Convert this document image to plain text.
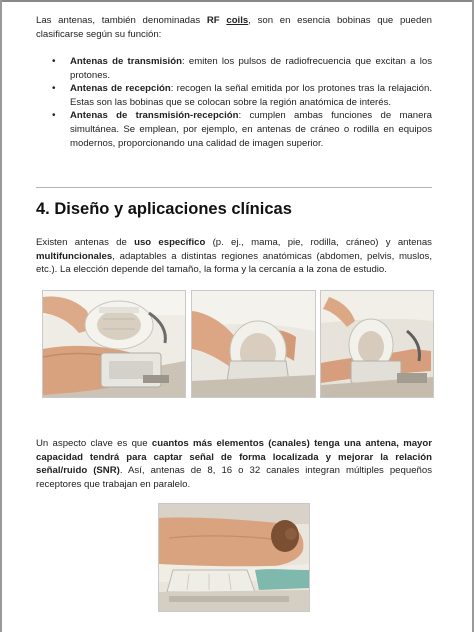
Las antenas, también denominadas RF coils, son en esencia bobinas que pueden clasificarse según su función:

• Antenas de transmisión: emiten los pulsos de radiofrecuencia que excitan a los protones.
• Antenas de recepción: recogen la señal emitida por los protones tras la relajación. Estas son las bobinas que se colocan sobre la región anatómica de interés.
• Antenas de transmisión-recepción: cumplen ambas funciones de manera simultánea. Se emplean, por ejemplo, en antenas de cráneo o rodilla en equipos modernos, proporcionando una calidad de imagen superior.
4. Diseño y aplicaciones clínicas

Existen antenas de uso específico (p. ej., mama, pie, rodilla, cráneo) y antenas multifuncionales, adaptables a distintas regiones anatómicas (abdomen, pelvis, muslos, etc.). La elección depende del tamaño, la forma y la cercanía a la zona de estudio.

Un aspecto clave es que cuantos más elementos (canales) tenga una antena, mayor capacidad tendrá para captar señal de forma localizada y mejorar la relación señal/ruido (SNR). Así, antenas de 8, 16 o 32 canales integran múltiples pequeños receptores que trabajan en paralelo.
